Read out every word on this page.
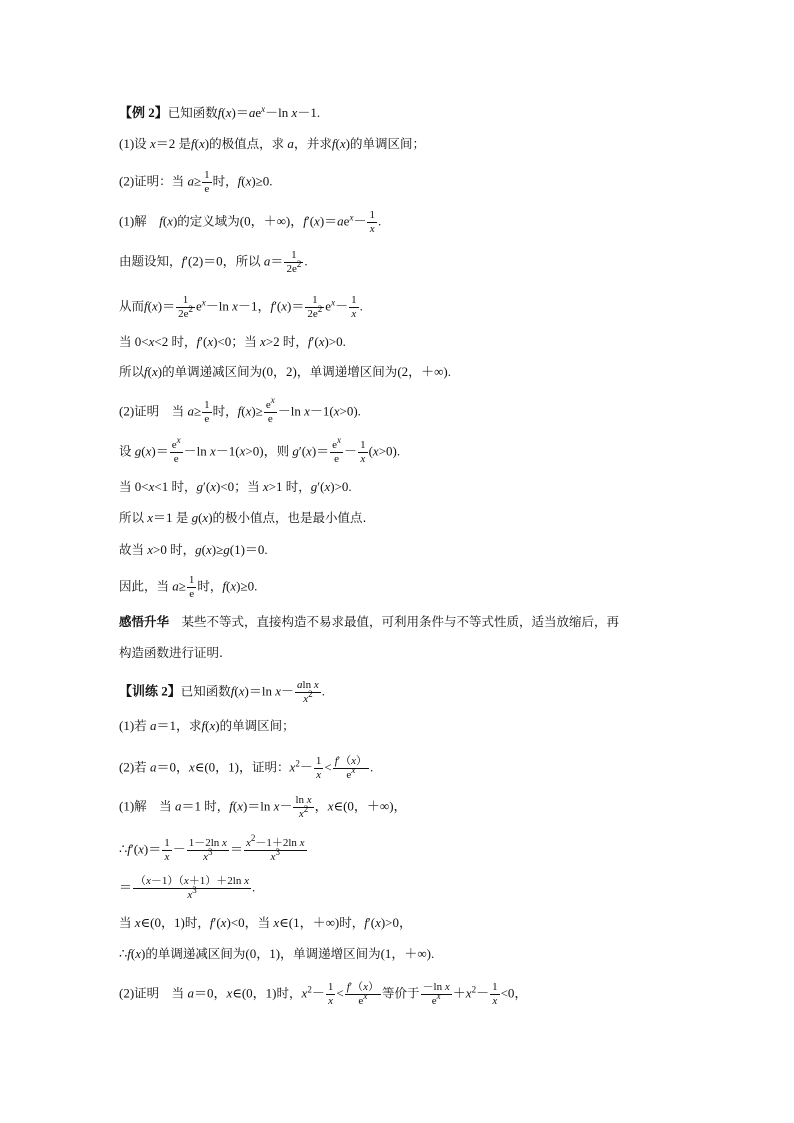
【例 2】已知函数$f(x)=ae^x-\ln$ x－1.
(1)设 x＝2 是f(x)的极值点，求 a，并求f(x)的单调区间；
(2)证明：当 $a\ge \frac{1}{e}$ 时，f(x)≥0.
(1)解　f(x)的定义域为(0，＋∞)，$f'(x)=ae^x- \frac{1}{x}$ .
由题设知，f′(2)＝0，所以 $a= \frac{1}{2e^2}$ .
从而$f(x)= \frac{1}{2e^2} e^x-\ln$ x－1，$f'(x)= \frac{1}{2e^2} e^x- \frac{1}{x}$ .
当 0<x<2 时，f′(x)<0；当 x>2 时，f′(x)>0.
所以f(x)的单调递减区间为(0，2)，单调递增区间为(2，＋∞).
(2)证明　当 $a\ge \frac{1}{e}$ 时，$f(x)\ge \frac{e^x}{e} -\ln$ x－1(x>0).
设 $g(x)= \frac{e^x}{e} -\ln$ x－1(x>0)，则 $g'(x)= \frac{e^x}{e} - \frac{1}{x} (x>0)$.
当 0<x<1 时，g′(x)<0；当 x>1 时，g′(x)>0.
所以 x＝1 是 g(x)的极小值点，也是最小值点.
故当 x>0 时，g(x)≥g(1)＝0.
因此，当 $a\ge \frac{1}{e}$ 时，f(x)≥0.
感悟升华　某些不等式，直接构造不易求最值，可利用条件与不等式性质，适当放缩后，再
构造函数进行证明.
【训练 2】已知函数f(x)＝ln $x- \frac{\text{aln x}}{x^2}$ .
(1)若 a＝1，求f(x)的单调区间；
(2)若 a＝0，x∈(0，1)，证明：$x^2- \frac{1}{x} < \frac{f'(x)}{e^x}$ .
(1)解　当 a＝1 时，f(x)＝ln $x- \frac{\text{ln x}}{x^2}$ ，x∈(0，＋∞)，
∴f′(x)＝ $\frac{1}{x} - \frac{\text{1－2ln x}}{x^3} = \frac{x^2-1+2\ln x}{x^3}$
＝ $\frac{\text{（x－1）（x＋1）＋2ln x}}{x^3}$ .
当 x∈(0，1)时，f′(x)<0，当 x∈(1，＋∞)时，f′(x)>0，
∴f(x)的单调递减区间为(0，1)，单调递增区间为(1，＋∞).
(2)证明　当 a＝0，x∈(0，1)时，$x^2- \frac{1}{x} < \frac{f'(x)}{e^x}$ 等价于 $\frac{\text{－ln x}}{e^x} +x^2- \frac{1}{x} <0$，
